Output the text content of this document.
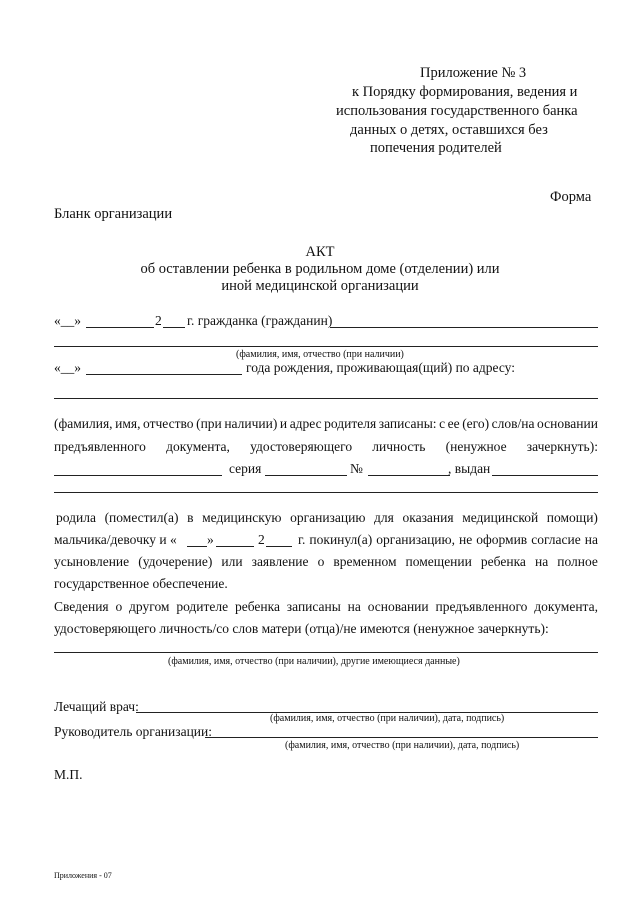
Приложение № 3
к Порядку формирования, ведения и
использования государственного банка
данных о детях, оставшихся без
попечения родителей
Форма
Бланк организации
АКТ
об оставлении ребенка в родильном доме (отделении) или
иной медицинской организации
«__»	2 г. гражданка (гражданин)
(фамилия, имя, отчество (при наличии)
«__»	года рождения, проживающая(щий) по адресу:
(фамилия, имя, отчество (при наличии) и адрес родителя записаны: с ее (его) слов/на основании
предъявленного документа, удостоверяющего личность (ненужное зачеркнуть):
серия	№	, выдан
родила (поместил(а) в медицинскую организацию для оказания медицинской помощи)
мальчика/девочку и « »	2 г. покинул(а) организацию, не оформив согласие на
усыновление (удочерение) или заявление о временном помещении ребенка на полное
государственное обеспечение.
Сведения о другом родителе ребенка записаны на основании предъявленного документа,
удостоверяющего личность/со слов матери (отца)/не имеются (ненужное зачеркнуть):
(фамилия, имя, отчество (при наличии), другие имеющиеся данные)
Лечащий врач:
(фамилия, имя, отчество (при наличии), дата, подпись)
Руководитель организации:
(фамилия, имя, отчество (при наличии), дата, подпись)
М.П.
Приложения - 07
